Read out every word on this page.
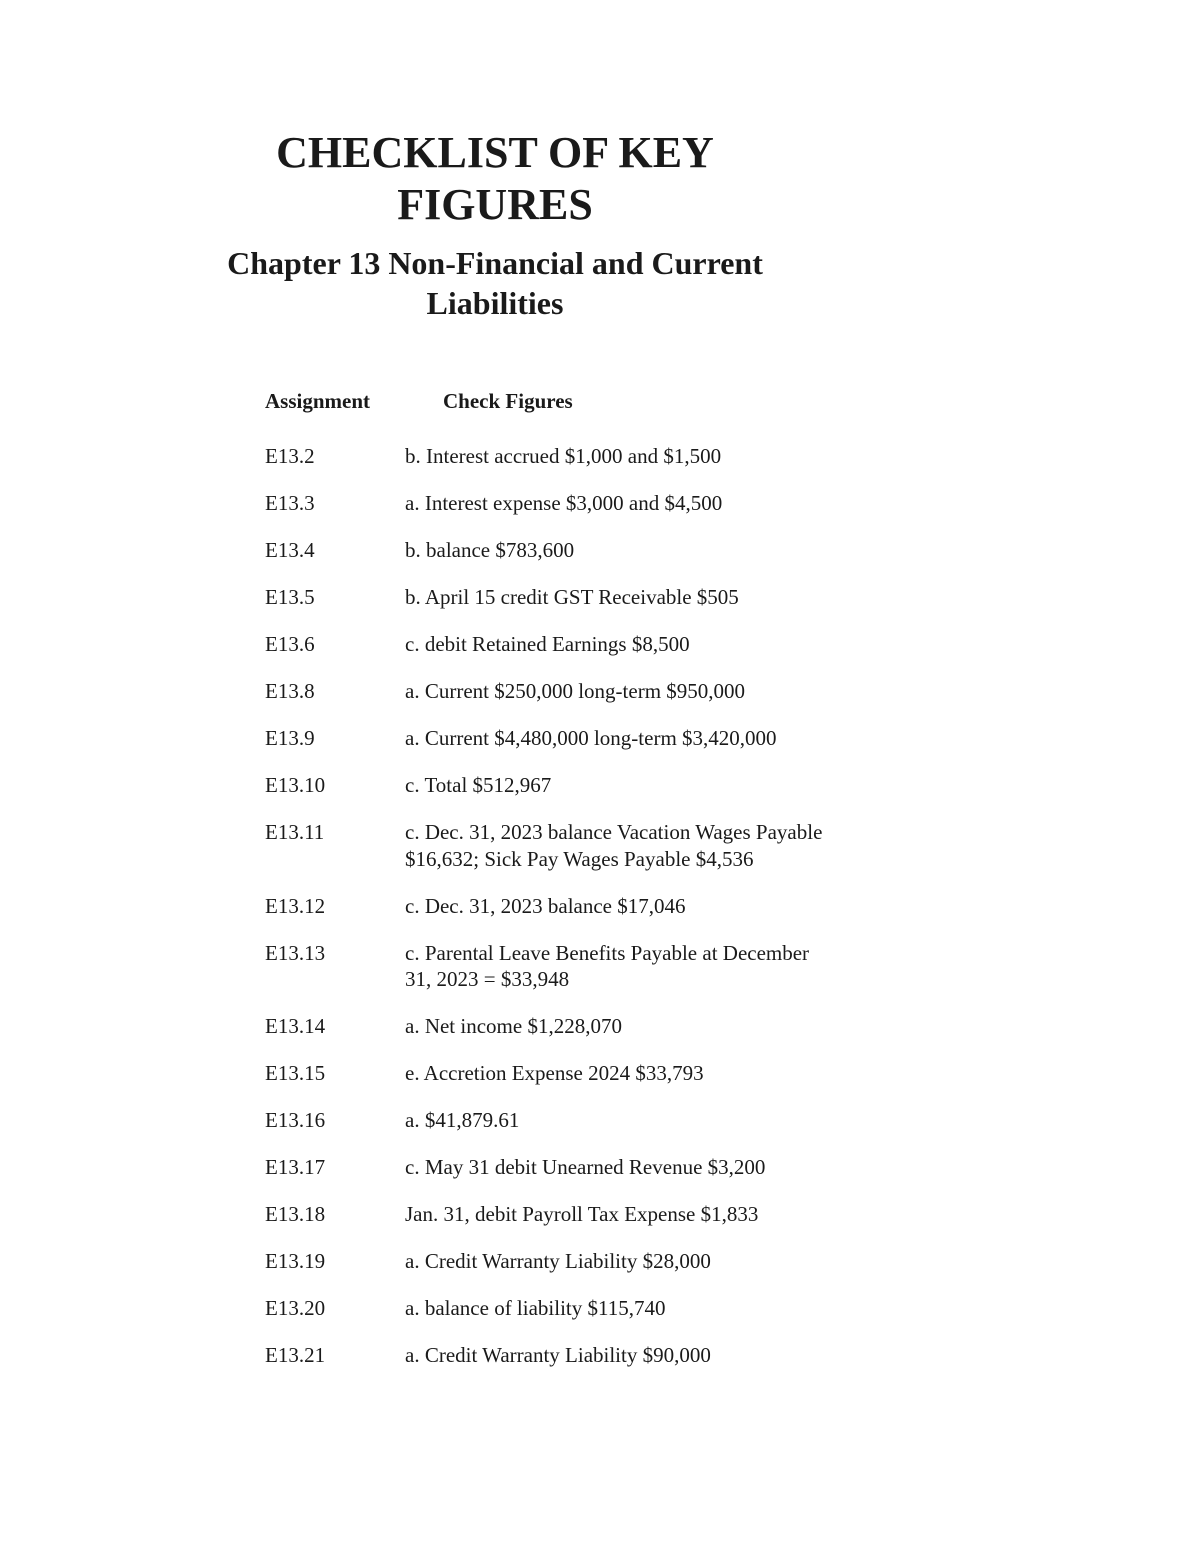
CHECKLIST OF KEY
FIGURES
Chapter 13 Non-Financial and Current
Liabilities
Assignment	Check Figures
E13.2	b. Interest accrued $1,000 and $1,500
E13.3	a. Interest expense $3,000 and $4,500
E13.4	b. balance $783,600
E13.5	b. April 15 credit GST Receivable $505
E13.6	c. debit Retained Earnings $8,500
E13.8	a. Current $250,000 long-term $950,000
E13.9	a. Current $4,480,000 long-term $3,420,000
E13.10	c. Total $512,967
E13.11	c. Dec. 31, 2023 balance Vacation Wages Payable $16,632; Sick Pay Wages Payable $4,536
E13.12	c. Dec. 31, 2023 balance $17,046
E13.13	c. Parental Leave Benefits Payable at December 31, 2023 = $33,948
E13.14	a. Net income $1,228,070
E13.15	e. Accretion Expense 2024 $33,793
E13.16	a. $41,879.61
E13.17	c. May 31 debit Unearned Revenue $3,200
E13.18	Jan. 31, debit Payroll Tax Expense $1,833
E13.19	a. Credit Warranty Liability $28,000
E13.20	a. balance of liability $115,740
E13.21	a. Credit Warranty Liability $90,000
